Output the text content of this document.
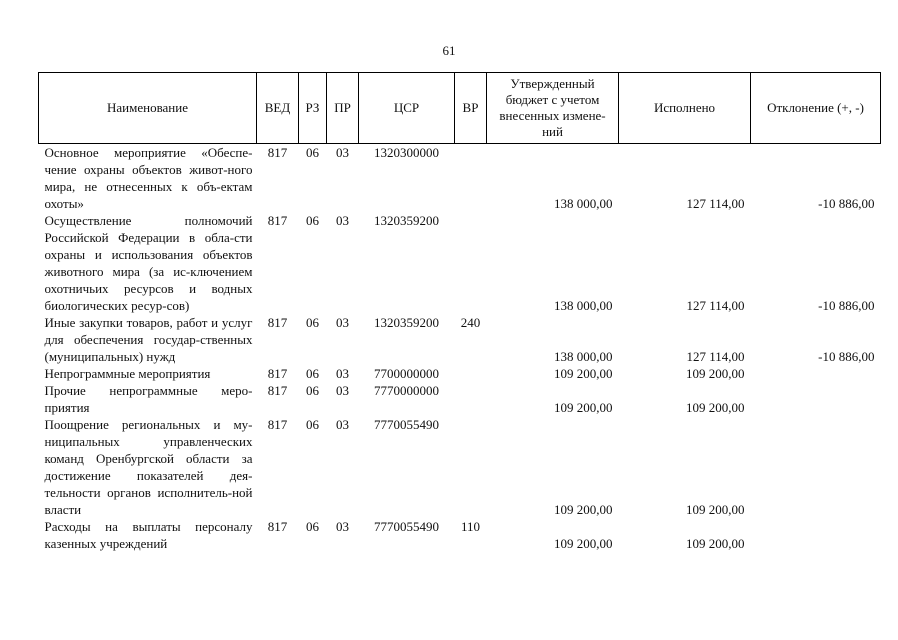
61
Наименование	ВЕД	РЗ	ПР	ЦСР	ВР	Утвержденный бюджет с учетом внесенных измене-ний	Исполнено	Отклонение (+, -)
Основное мероприятие «Обеспе-чение охраны объектов живот-ного мира, не отнесенных к объ-ектам охоты»	817	06	03	1320300000		138 000,00	127 114,00	-10 886,00
Осуществление полномочий Российской Федерации в обла-сти охраны и использования объектов животного мира (за ис-ключением охотничьих ресурсов и водных биологических ресур-сов)	817	06	03	1320359200		138 000,00	127 114,00	-10 886,00
Иные закупки товаров, работ и услуг для обеспечения государ-ственных (муниципальных) нужд	817	06	03	1320359200	240	138 000,00	127 114,00	-10 886,00
Непрограммные мероприятия	817	06	03	7700000000		109 200,00	109 200,00	
Прочие непрограммные меро-приятия	817	06	03	7770000000		109 200,00	109 200,00	
Поощрение региональных и му-ниципальных управленческих команд Оренбургской области за достижение показателей дея-тельности органов исполнитель-ной власти	817	06	03	7770055490		109 200,00	109 200,00	
Расходы на выплаты персоналу казенных учреждений	817	06	03	7770055490	110	109 200,00	109 200,00	
